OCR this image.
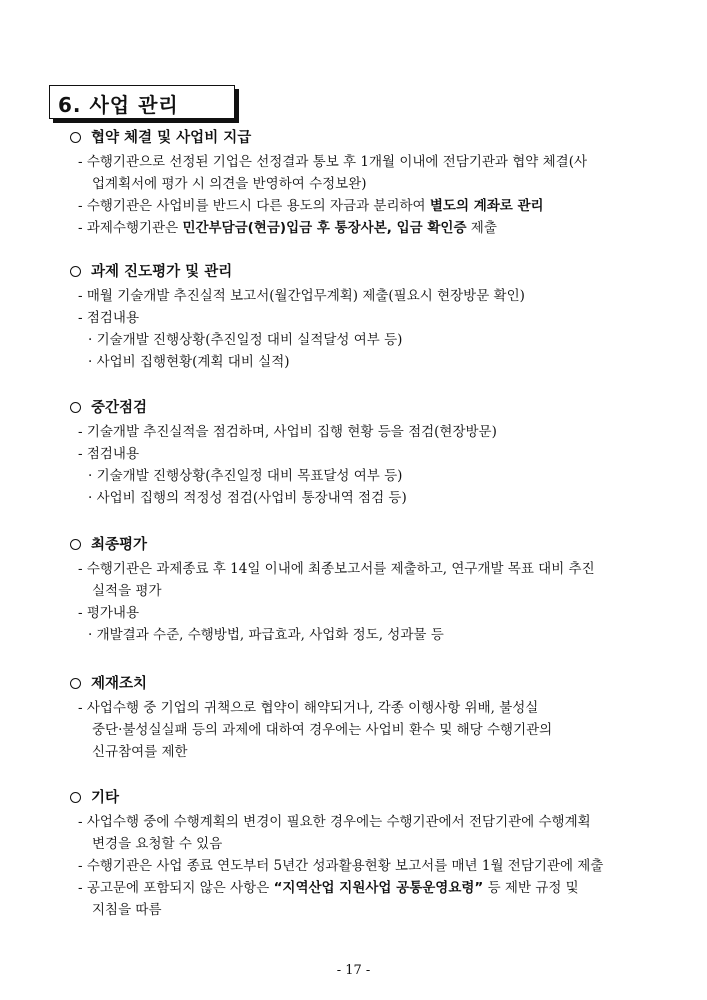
6. 사업 관리
협약 체결 및 사업비 지급
- 수행기관으로 선정된 기업은 선정결과 통보 후 1개월 이내에 전담기관과 협약 체결(사
업계획서에 평가 시 의견을 반영하여 수정보완)
- 수행기관은 사업비를 반드시 다른 용도의 자금과 분리하여 별도의 계좌로 관리
- 과제수행기관은 민간부담금(현금)입금 후 통장사본, 입금 확인증 제출
과제 진도평가 및 관리
- 매월 기술개발 추진실적 보고서(월간업무계획) 제출(필요시 현장방문 확인)
- 점검내용
· 기술개발 진행상황(추진일정 대비 실적달성 여부 등)
· 사업비 집행현황(계획 대비 실적)
중간점검
- 기술개발 추진실적을 점검하며, 사업비 집행 현황 등을 점검(현장방문)
- 점검내용
· 기술개발 진행상황(추진일정 대비 목표달성 여부 등)
· 사업비 집행의 적정성 점검(사업비 통장내역 점검 등)
최종평가
- 수행기관은 과제종료 후 14일 이내에 최종보고서를 제출하고, 연구개발 목표 대비 추진
실적을 평가
- 평가내용
· 개발결과 수준, 수행방법, 파급효과, 사업화 정도, 성과물 등
제재조치
- 사업수행 중 기업의 귀책으로 협약이 해약되거나, 각종 이행사항 위배, 불성실
중단·불성실실패 등의 과제에 대하여 경우에는 사업비 환수 및 해당 수행기관의
신규참여를 제한
기타
- 사업수행 중에 수행계획의 변경이 필요한 경우에는 수행기관에서 전담기관에 수행계획
변경을 요청할 수 있음
- 수행기관은 사업 종료 연도부터 5년간 성과활용현황 보고서를 매년 1월 전담기관에 제출
- 공고문에 포함되지 않은 사항은 “지역산업 지원사업 공통운영요령” 등 제반 규정 및
지침을 따름
- 17 -
